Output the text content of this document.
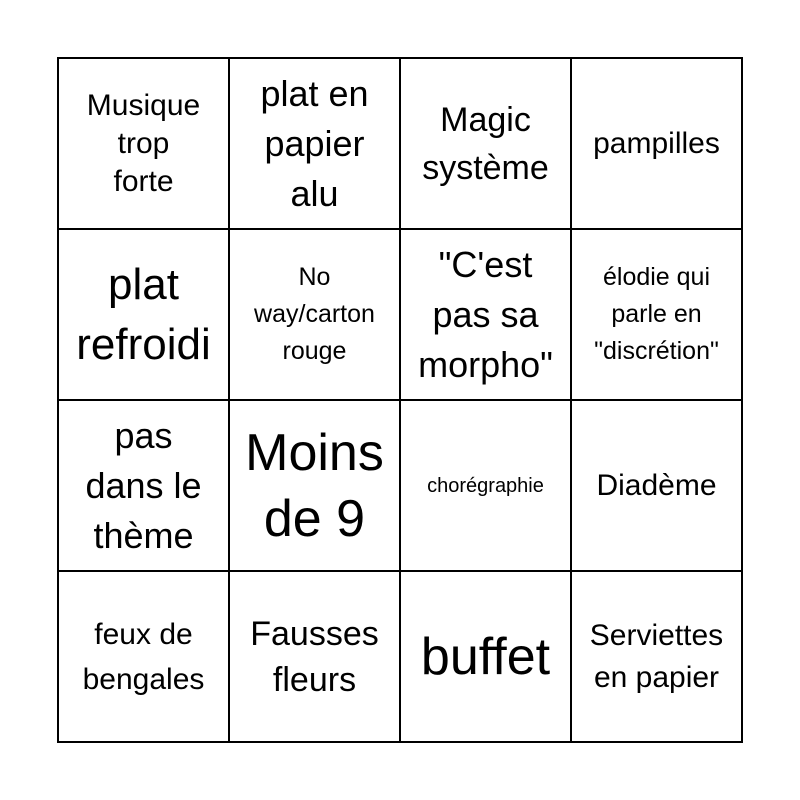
Musique
trop
forte
plat en
papier
alu
Magic
système
pampilles
plat
refroidi
No
way/carton
rouge
"C'est
pas sa
morpho"
élodie qui
parle en
"discrétion"
pas
dans le
thème
Moins
de 9
chorégraphie Diadème
feux de
bengales
Fausses
fleurs	buffet Serviettes
en papier
